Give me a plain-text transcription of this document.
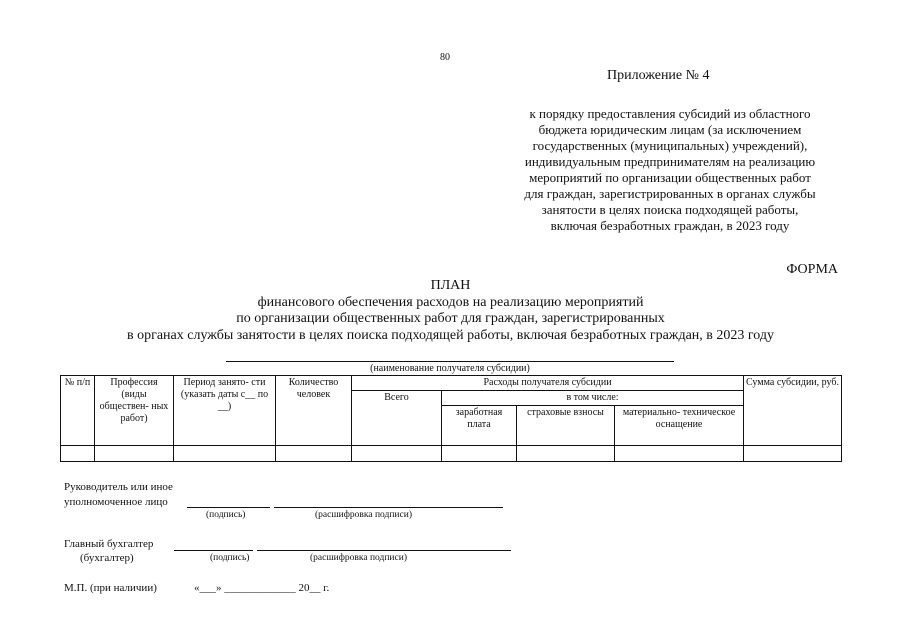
80
Приложение № 4
к порядку предоставления субсидий из областного
бюджета юридическим лицам (за исключением
государственных (муниципальных) учреждений),
индивидуальным предпринимателям на реализацию
мероприятий по организации общественных работ
для граждан, зарегистрированных в органах службы
занятости в целях поиска подходящей работы,
включая безработных граждан, в 2023 году
ФОРМА
ПЛАН
финансового обеспечения расходов на реализацию мероприятий
по организации общественных работ для граждан, зарегистрированных
в органах службы занятости в целях поиска подходящей работы, включая безработных граждан, в 2023 году
(наименование получателя субсидии)
№ п/п	Профессия (виды обществен- ных работ)	Период занято- сти (указать даты с__ по __)	Количество человек	Расходы получателя субсидии				Сумма субсидии, руб.
				Всего	в том числе:			
					заработная плата	страховые взносы	материально- техническое оснащение	

Руководитель или иное
уполномоченное лицо
(подпись)	(расшифровка подписи)
Главный бухгалтер
(бухгалтер)	(подпись)	(расшифровка подписи)
М.П. (при наличии)	«___» _____________ 20__ г.
